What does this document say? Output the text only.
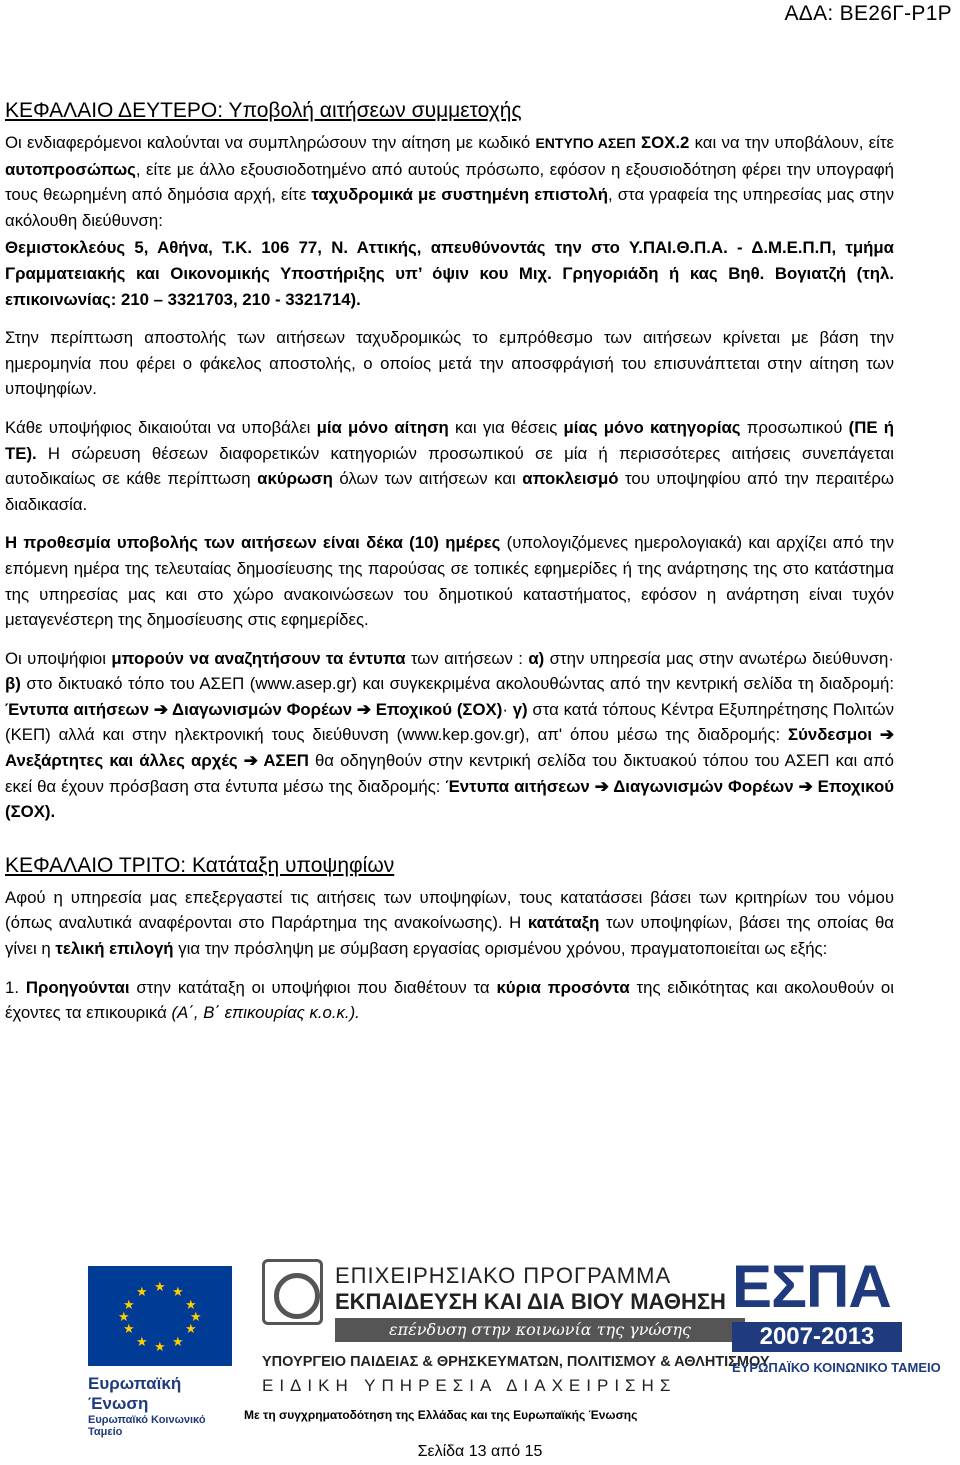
ΑΔΑ: ΒΕ26Γ-Ρ1Ρ
ΚΕΦΑΛΑΙΟ ΔΕΥΤΕΡΟ: Υποβολή αιτήσεων συμμετοχής

Οι ενδιαφερόμενοι καλούνται να συμπληρώσουν την αίτηση με κωδικό ΕΝΤΥΠΟ ΑΣΕΠ ΣΟΧ.2 και να την υποβάλουν, είτε αυτοπροσώπως, είτε με άλλο εξουσιοδοτημένο από αυτούς πρόσωπο, εφόσον η εξουσιοδότηση φέρει την υπογραφή τους θεωρημένη από δημόσια αρχή, είτε ταχυδρομικά με συστημένη επιστολή, στα γραφεία της υπηρεσίας μας στην ακόλουθη διεύθυνση:

Θεμιστοκλεόυς 5, Αθήνα, Τ.Κ. 106 77, Ν. Αττικής, απευθύνοντάς την στο Υ.ΠΑΙ.Θ.Π.Α. - Δ.Μ.Ε.Π.Π, τμήμα Γραμματειακής και Οικονομικής Υποστήριξης υπ’ όψιν κου Μιχ. Γρηγοριάδη ή κας Βηθ. Βογιατζή (τηλ. επικοινωνίας: 210 – 3321703, 210 - 3321714).

Στην περίπτωση αποστολής των αιτήσεων ταχυδρομικώς το εμπρόθεσμο των αιτήσεων κρίνεται με βάση την ημερομηνία που φέρει ο φάκελος αποστολής, ο οποίος μετά την αποσφράγισή του επισυνάπτεται στην αίτηση των υποψηφίων.

Κάθε υποψήφιος δικαιούται να υποβάλει μία μόνο αίτηση και για θέσεις μίας μόνο κατηγορίας προσωπικού (ΠΕ ή ΤΕ). Η σώρευση θέσεων διαφορετικών κατηγοριών προσωπικού σε μία ή περισσότερες αιτήσεις συνεπάγεται αυτοδικαίως σε κάθε περίπτωση ακύρωση όλων των αιτήσεων και αποκλεισμό του υποψηφίου από την περαιτέρω διαδικασία.

Η προθεσμία υποβολής των αιτήσεων είναι δέκα (10) ημέρες (υπολογιζόμενες ημερολογιακά) και αρχίζει από την επόμενη ημέρα της τελευταίας δημοσίευσης της παρούσας σε τοπικές εφημερίδες ή της ανάρτησης της στο κατάστημα της υπηρεσίας μας και στο χώρο ανακοινώσεων του δημοτικού καταστήματος, εφόσον η ανάρτηση είναι τυχόν μεταγενέστερη της δημοσίευσης στις εφημερίδες.

Οι υποψήφιοι μπορούν να αναζητήσουν τα έντυπα των αιτήσεων : α) στην υπηρεσία μας στην ανωτέρω διεύθυνση· β) στο δικτυακό τόπο του ΑΣΕΠ (www.asep.gr) και συγκεκριμένα ακολουθώντας από την κεντρική σελίδα τη διαδρομή: Έντυπα αιτήσεων ➔ Διαγωνισμών Φορέων ➔ Εποχικού (ΣΟΧ)· γ) στα κατά τόπους Κέντρα Εξυπηρέτησης Πολιτών (ΚΕΠ) αλλά και στην ηλεκτρονική τους διεύθυνση (www.kep.gov.gr), απ' όπου μέσω της διαδρομής: Σύνδεσμοι ➔ Ανεξάρτητες και άλλες αρχές ➔ ΑΣΕΠ θα οδηγηθούν στην κεντρική σελίδα του δικτυακού τόπου του ΑΣΕΠ και από εκεί θα έχουν πρόσβαση στα έντυπα μέσω της διαδρομής: Έντυπα αιτήσεων ➔ Διαγωνισμών Φορέων ➔ Εποχικού (ΣΟΧ).

ΚΕΦΑΛΑΙΟ ΤΡΙΤΟ: Κατάταξη υποψηφίων

Αφού η υπηρεσία μας επεξεργαστεί τις αιτήσεις των υποψηφίων, τους κατατάσσει βάσει των κριτηρίων του νόμου (όπως αναλυτικά αναφέρονται στο Παράρτημα της ανακοίνωσης). Η κατάταξη των υποψηφίων, βάσει της οποίας θα γίνει η τελική επιλογή για την πρόσληψη με σύμβαση εργασίας ορισμένου χρόνου, πραγματοποιείται ως εξής:

1. Προηγούνται στην κατάταξη οι υποψήφιοι που διαθέτουν τα κύρια προσόντα της ειδικότητας και ακολουθούν οι έχοντες τα επικουρικά (Α΄, Β΄ επικουρίας κ.ο.κ.).

★ ★
★
★
★
★
★
★
★
★
★
★
Ευρωπαϊκή Ένωση
Ευρωπαϊκό Κοινωνικό Ταμείο
ΕΠΙΧΕΙΡΗΣΙΑΚΟ ΠΡΟΓΡΑΜΜΑ
ΕΚΠΑΙΔΕΥΣΗ ΚΑΙ ΔΙΑ ΒΙΟΥ ΜΑΘΗΣΗ
επένδυση στην κοινωνία της γνώσης
ΥΠΟΥΡΓΕΙΟ ΠΑΙΔΕΙΑΣ & ΘΡΗΣΚΕΥΜΑΤΩΝ, ΠΟΛΙΤΙΣΜΟΥ & ΑΘΛΗΤΙΣΜΟΥ
ΕΙΔΙΚΗ ΥΠΗΡΕΣΙΑ ΔΙΑΧΕΙΡΙΣΗΣ
ΕΣΠΑ
2007-2013
ΕΥΡΩΠΑΪΚΟ ΚΟΙΝΩΝΙΚΟ ΤΑΜΕΙΟ
Με τη συγχρηματοδότηση της Ελλάδας και της Ευρωπαϊκής Ένωσης
Σελίδα 13 από 15
